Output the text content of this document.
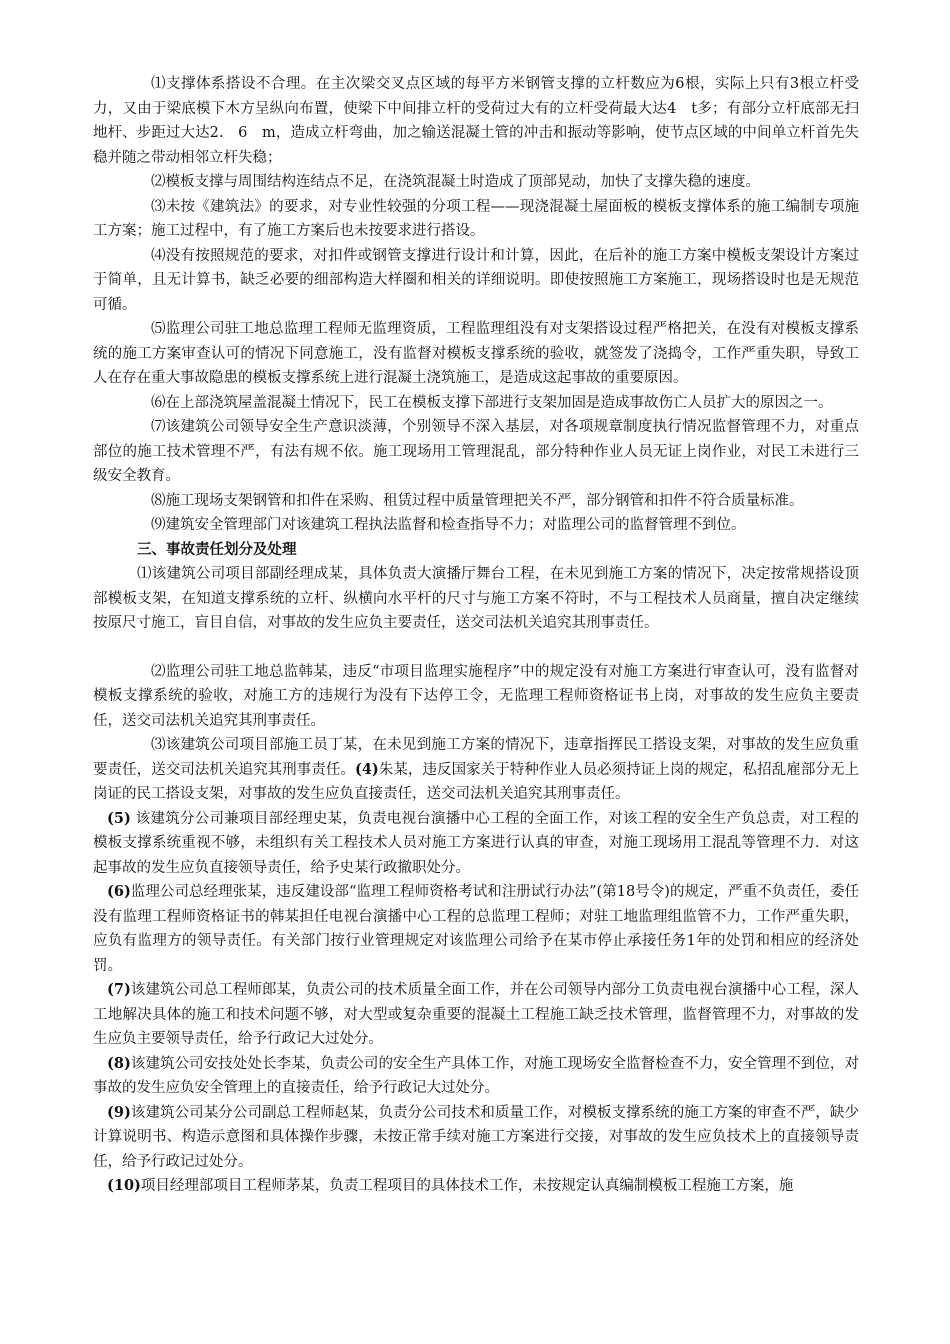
⑴支撑体系搭设不合理。在主次梁交叉点区域的每平方米钢管支撑的立杆数应为6根，实际上只有3根立杆受力，又由于梁底模下木方呈纵向布置，使梁下中间排立杆的受荷过大有的立杆受荷最大达4　t多；有部分立杆底部无扫地杆、步距过大达2.　6　m，造成立杆弯曲，加之输送混凝土管的冲击和振动等影响，使节点区域的中间单立杆首先失稳并随之带动相邻立杆失稳；

⑵模板支撑与周围结构连结点不足，在浇筑混凝土时造成了顶部晃动，加快了支撑失稳的速度。

⑶未按《建筑法》的要求，对专业性较强的分项工程——现浇混凝土屋面板的模板支撑体系的施工编制专项施工方案；施工过程中，有了施工方案后也未按要求进行搭设。

⑷没有按照规范的要求，对扣件或钢管支撑进行设计和计算，因此，在后补的施工方案中模板支架设计方案过于简单，且无计算书，缺乏必要的细部构造大样圈和相关的详细说明。即使按照施工方案施工，现场搭设时也是无规范可循。

⑸监理公司驻工地总监理工程师无监理资质，工程监理组没有对支架搭设过程严格把关，在没有对模板支撑系统的施工方案审查认可的情况下同意施工，没有监督对模板支撑系统的验收，就签发了浇捣令，工作严重失职，导致工人在存在重大事故隐患的模板支撑系统上进行混凝土浇筑施工，是造成这起事故的重要原因。

⑹在上部浇筑屋盖混凝土情况下，民工在模板支撑下部进行支架加固是造成事故伤亡人员扩大的原因之一。

⑺该建筑公司领导安全生产意识淡薄，个别领导不深入基层，对各项规章制度执行情况监督管理不力，对重点部位的施工技术管理不严，有法有规不依。施工现场用工管理混乱，部分特种作业人员无证上岗作业，对民工未进行三级安全教育。

⑻施工现场支架钢管和扣件在采购、租赁过程中质量管理把关不严，部分钢管和扣件不符合质量标准。

⑼建筑安全管理部门对该建筑工程执法监督和检查指导不力；对监理公司的监督管理不到位。

三、事故责任划分及处理

⑴该建筑公司项目部副经理成某，具体负责大演播厅舞台工程，在未见到施工方案的情况下，决定按常规搭设顶部模板支架，在知道支撑系统的立杆、纵横向水平杆的尺寸与施工方案不符时，不与工程技术人员商量，擅自决定继续按原尺寸施工，盲目自信，对事故的发生应负主要责任，送交司法机关追究其刑事责任。

⑵监理公司驻工地总监韩某，违反“市项目监理实施程序”中的规定没有对施工方案进行审查认可，没有监督对模板支撑系统的验收，对施工方的违规行为没有下达停工令，无监理工程师资格证书上岗，对事故的发生应负主要责任，送交司法机关追究其刑事责任。

⑶该建筑公司项目部施工员丁某，在未见到施工方案的情况下，违章指挥民工搭设支架，对事故的发生应负重要责任，送交司法机关追究其刑事责任。(4)朱某，违反国家关于特种作业人员必须持证上岗的规定，私招乱雇部分无上岗证的民工搭设支架，对事故的发生应负直接责任，送交司法机关追究其刑事责任。

(5) 该建筑分公司兼项目部经理史某，负责电视台演播中心工程的全面工作，对该工程的安全生产负总责，对工程的模板支撑系统重视不够，未组织有关工程技术人员对施工方案进行认真的审查，对施工现场用工混乱等管理不力．对这起事故的发生应负直接领导责任，给予史某行政撤职处分。

(6)监理公司总经理张某，违反建设部“监理工程师资格考试和注册试行办法”(第18号令)的规定，严重不负责任，委任没有监理工程师资格证书的韩某担任电视台演播中心工程的总监理工程师；对驻工地监理组监管不力，工作严重失职，应负有监理方的领导责任。有关部门按行业管理规定对该监理公司给予在某市停止承接任务1年的处罚和相应的经济处罚。

(7)该建筑公司总工程师郎某，负责公司的技术质量全面工作，并在公司领导内部分工负责电视台演播中心工程，深人工地解决具体的施工和技术问题不够，对大型或复杂重要的混凝土工程施工缺乏技术管理，监督管理不力，对事故的发生应负主要领导责任，给予行政记大过处分。

(8)该建筑公司安技处处长李某，负责公司的安全生产具体工作，对施工现场安全监督检查不力，安全管理不到位，对事故的发生应负安全管理上的直接责任，给予行政记大过处分。

(9)该建筑公司某分公司副总工程师赵某，负责分公司技术和质量工作，对模板支撑系统的施工方案的审查不严，缺少计算说明书、构造示意图和具体操作步骤，未按正常手续对施工方案进行交接，对事故的发生应负技术上的直接领导责任，给予行政记过处分。

(10)项目经理部项目工程师茅某，负责工程项目的具体技术工作，未按规定认真编制模板工程施工方案，施
